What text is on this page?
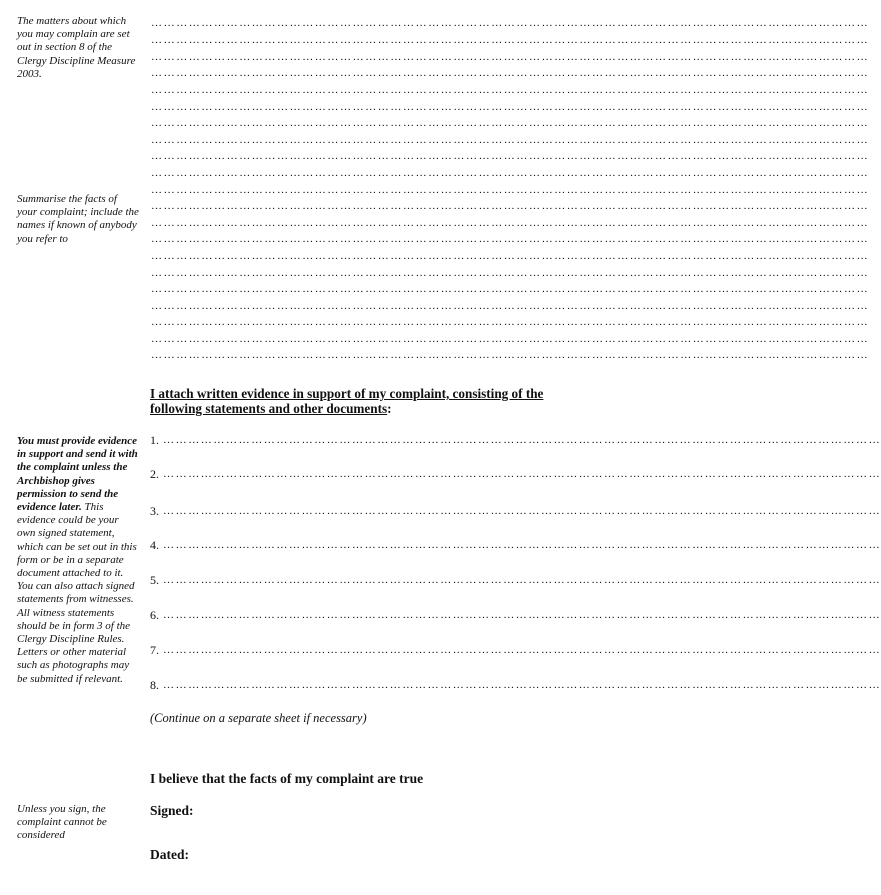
The matters about which you may complain are set out in section 8 of the Clergy Discipline Measure 2003.
Summarise the facts of your complaint; include the names if known of anybody you refer to
You must provide evidence in support and send it with the complaint unless the Archbishop gives permission to send the evidence later. This evidence could be your own signed statement, which can be set out in this form or be in a separate document attached to it. You can also attach signed statements from witnesses. All witness statements should be in form 3 of the Clergy Discipline Rules. Letters or other material such as photographs may be submitted if relevant.
Unless you sign, the complaint cannot be considered
………………………………………………………………………………………………………………………………………………………
………………………………………………………………………………………………………………………………………………………
………………………………………………………………………………………………………………………………………………………
………………………………………………………………………………………………………………………………………………………
………………………………………………………………………………………………………………………………………………………
………………………………………………………………………………………………………………………………………………………
………………………………………………………………………………………………………………………………………………………
………………………………………………………………………………………………………………………………………………………
………………………………………………………………………………………………………………………………………………………
………………………………………………………………………………………………………………………………………………………
………………………………………………………………………………………………………………………………………………………
………………………………………………………………………………………………………………………………………………………
………………………………………………………………………………………………………………………………………………………
………………………………………………………………………………………………………………………………………………………
………………………………………………………………………………………………………………………………………………………
………………………………………………………………………………………………………………………………………………………
………………………………………………………………………………………………………………………………………………………
………………………………………………………………………………………………………………………………………………………
………………………………………………………………………………………………………………………………………………………
………………………………………………………………………………………………………………………………………………………
………………………………………………………………………………………………………………………………………………………
I attach written evidence in support of my complaint, consisting of the following statements and other documents:
1. ………………………………………………………………………………………………………………………………………………………
2. ………………………………………………………………………………………………………………………………………………………
3. ………………………………………………………………………………………………………………………………………………………
4. ………………………………………………………………………………………………………………………………………………………
5. ………………………………………………………………………………………………………………………………………………………
6. ………………………………………………………………………………………………………………………………………………………
7. ………………………………………………………………………………………………………………………………………………………
8. ………………………………………………………………………………………………………………………………………………………
(Continue on a separate sheet if necessary)
I believe that the facts of my complaint are true
Signed:
Dated:
